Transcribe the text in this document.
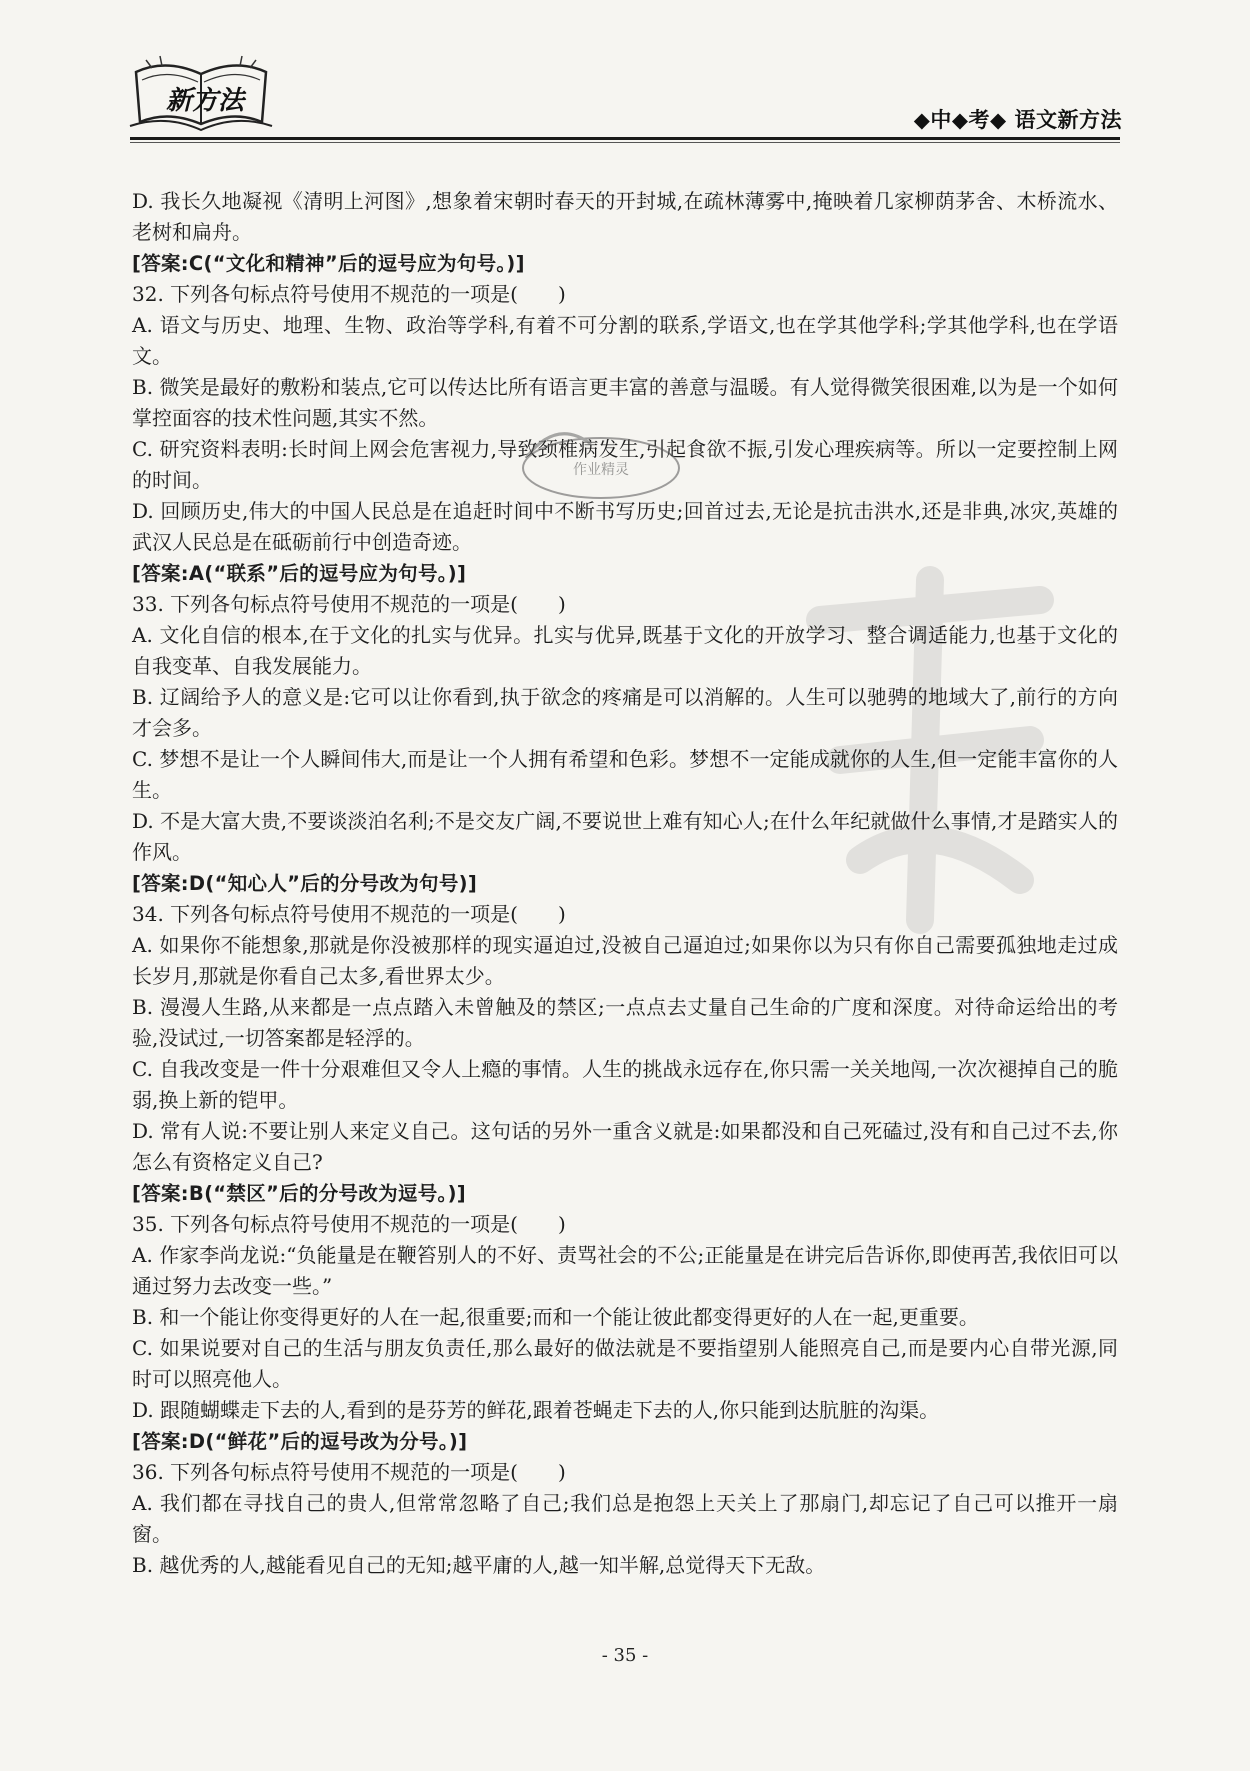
新方法
◆中◆考◆ 语文新方法

D. 我长久地凝视《清明上河图》,想象着宋朝时春天的开封城,在疏林薄雾中,掩映着几家柳荫茅舍、木桥流水、老树和扁舟。

[答案:C(“文化和精神”后的逗号应为句号。)]

32. 下列各句标点符号使用不规范的一项是(　　)

A. 语文与历史、地理、生物、政治等学科,有着不可分割的联系,学语文,也在学其他学科;学其他学科,也在学语文。

B. 微笑是最好的敷粉和装点,它可以传达比所有语言更丰富的善意与温暖。有人觉得微笑很困难,以为是一个如何掌控面容的技术性问题,其实不然。

C. 研究资料表明:长时间上网会危害视力,导致颈椎病发生,引起食欲不振,引发心理疾病等。所以一定要控制上网的时间。

D. 回顾历史,伟大的中国人民总是在追赶时间中不断书写历史;回首过去,无论是抗击洪水,还是非典,冰灾,英雄的武汉人民总是在砥砺前行中创造奇迹。

[答案:A(“联系”后的逗号应为句号。)]

33. 下列各句标点符号使用不规范的一项是(　　)

A. 文化自信的根本,在于文化的扎实与优异。扎实与优异,既基于文化的开放学习、整合调适能力,也基于文化的自我变革、自我发展能力。

B. 辽阔给予人的意义是:它可以让你看到,执于欲念的疼痛是可以消解的。人生可以驰骋的地域大了,前行的方向才会多。

C. 梦想不是让一个人瞬间伟大,而是让一个人拥有希望和色彩。梦想不一定能成就你的人生,但一定能丰富你的人生。

D. 不是大富大贵,不要谈淡泊名利;不是交友广阔,不要说世上难有知心人;在什么年纪就做什么事情,才是踏实人的作风。

[答案:D(“知心人”后的分号改为句号)]

34. 下列各句标点符号使用不规范的一项是(　　)

A. 如果你不能想象,那就是你没被那样的现实逼迫过,没被自己逼迫过;如果你以为只有你自己需要孤独地走过成长岁月,那就是你看自己太多,看世界太少。

B. 漫漫人生路,从来都是一点点踏入未曾触及的禁区;一点点去丈量自己生命的广度和深度。对待命运给出的考验,没试过,一切答案都是轻浮的。

C. 自我改变是一件十分艰难但又令人上瘾的事情。人生的挑战永远存在,你只需一关关地闯,一次次褪掉自己的脆弱,换上新的铠甲。

D. 常有人说:不要让别人来定义自己。这句话的另外一重含义就是:如果都没和自己死磕过,没有和自己过不去,你怎么有资格定义自己?

[答案:B(“禁区”后的分号改为逗号。)]

35. 下列各句标点符号使用不规范的一项是(　　)

A. 作家李尚龙说:“负能量是在鞭笞别人的不好、责骂社会的不公;正能量是在讲完后告诉你,即使再苦,我依旧可以通过努力去改变一些。”

B. 和一个能让你变得更好的人在一起,很重要;而和一个能让彼此都变得更好的人在一起,更重要。

C. 如果说要对自己的生活与朋友负责任,那么最好的做法就是不要指望别人能照亮自己,而是要内心自带光源,同时可以照亮他人。

D. 跟随蝴蝶走下去的人,看到的是芬芳的鲜花,跟着苍蝇走下去的人,你只能到达肮脏的沟渠。

[答案:D(“鲜花”后的逗号改为分号。)]

36. 下列各句标点符号使用不规范的一项是(　　)

A. 我们都在寻找自己的贵人,但常常忽略了自己;我们总是抱怨上天关上了那扇门,却忘记了自己可以推开一扇窗。

B. 越优秀的人,越能看见自己的无知;越平庸的人,越一知半解,总觉得天下无敌。

作业精灵
- 35 -
